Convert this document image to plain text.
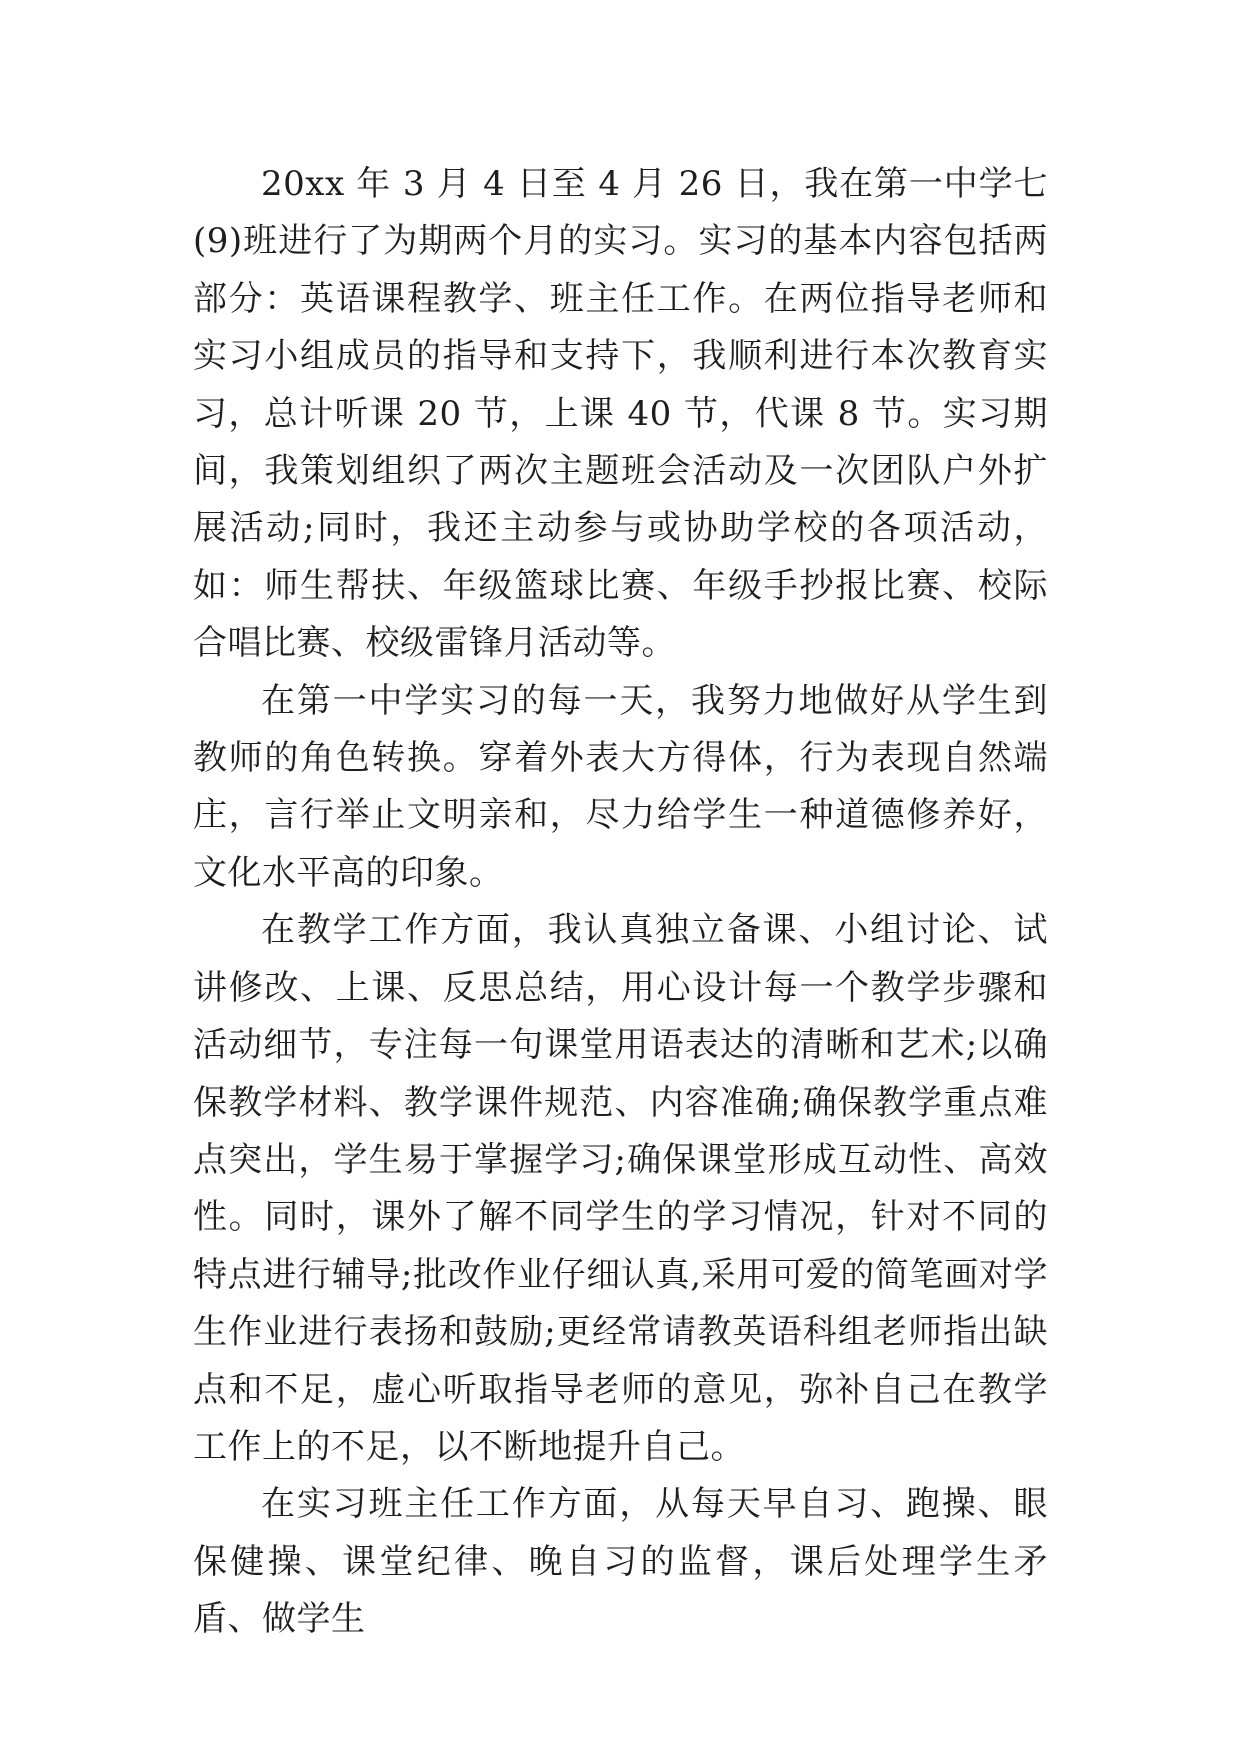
20xx 年 3 月 4 日至 4 月 26 日，我在第一中学七(9)班进行了为期两个月的实习。实习的基本内容包括两部分：英语课程教学、班主任工作。在两位指导老师和实习小组成员的指导和支持下，我顺利进行本次教育实习，总计听课 20 节，上课 40 节，代课 8 节。实习期间，我策划组织了两次主题班会活动及一次团队户外扩展活动;同时，我还主动参与或协助学校的各项活动，如：师生帮扶、年级篮球比赛、年级手抄报比赛、校际合唱比赛、校级雷锋月活动等。

在第一中学实习的每一天，我努力地做好从学生到教师的角色转换。穿着外表大方得体，行为表现自然端庄，言行举止文明亲和，尽力给学生一种道德修养好，文化水平高的印象。

在教学工作方面，我认真独立备课、小组讨论、试讲修改、上课、反思总结，用心设计每一个教学步骤和活动细节，专注每一句课堂用语表达的清晰和艺术;以确保教学材料、教学课件规范、内容准确;确保教学重点难点突出，学生易于掌握学习;确保课堂形成互动性、高效性。同时，课外了解不同学生的学习情况，针对不同的特点进行辅导;批改作业仔细认真,采用可爱的简笔画对学生作业进行表扬和鼓励;更经常请教英语科组老师指出缺点和不足，虚心听取指导老师的意见，弥补自己在教学工作上的不足，以不断地提升自己。

在实习班主任工作方面，从每天早自习、跑操、眼保健操、课堂纪律、晚自习的监督，课后处理学生矛盾、做学生
